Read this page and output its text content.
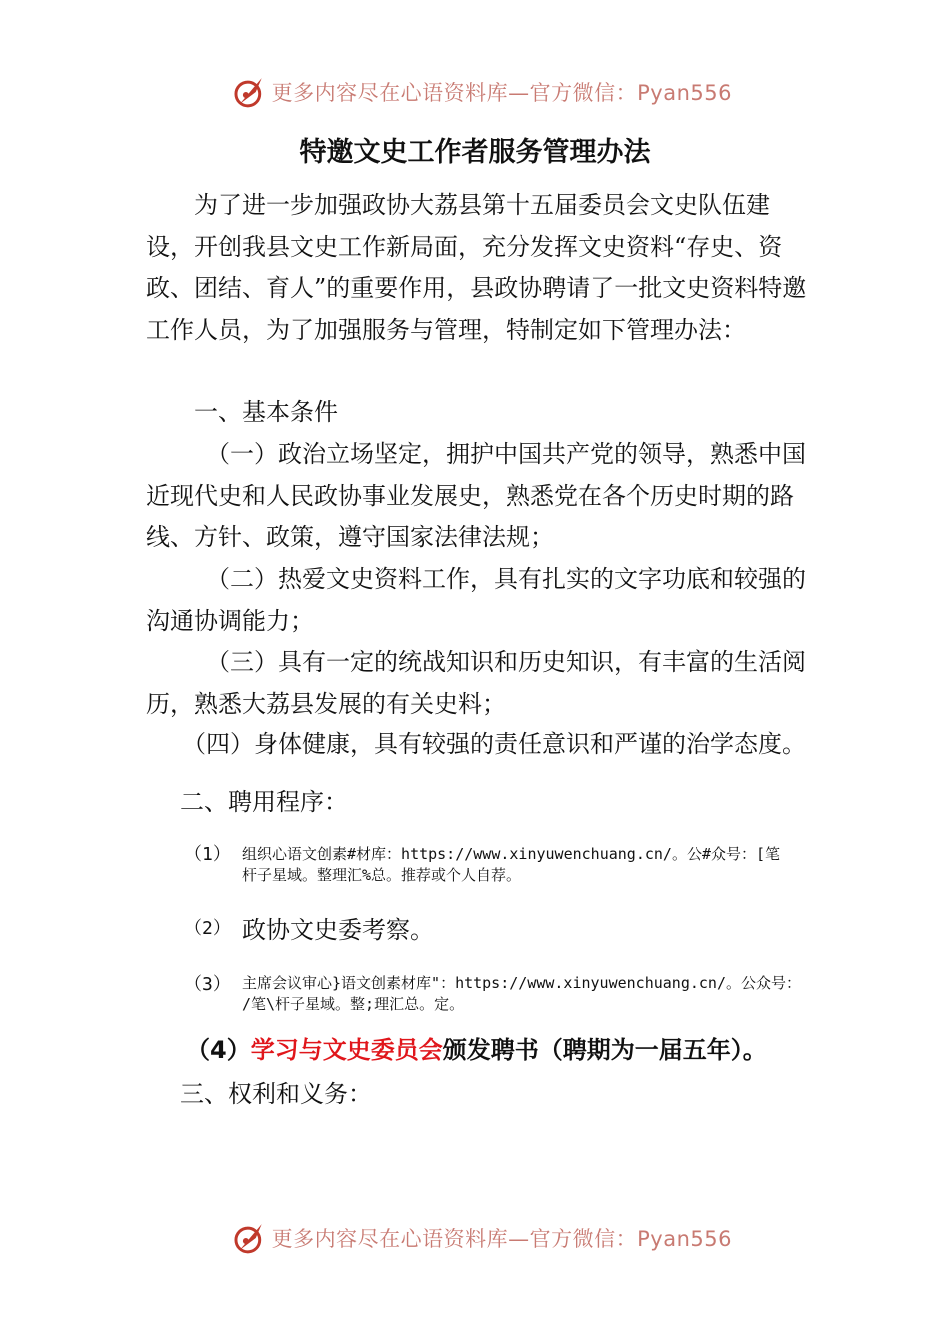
更多内容尽在心语资料库—官方微信：Pyan556
特邀文史工作者服务管理办法
为了进一步加强政协大荔县第十五届委员会文史队伍建设，开创我县文史工作新局面，充分发挥文史资料“存史、资政、团结、育人”的重要作用，县政协聘请了一批文史资料特邀工作人员，为了加强服务与管理，特制定如下管理办法：
一、基本条件
（一）政治立场坚定，拥护中国共产党的领导，熟悉中国近现代史和人民政协事业发展史，熟悉党在各个历史时期的路线、方针、政策，遵守国家法律法规；
（二）热爱文史资料工作，具有扎实的文字功底和较强的沟通协调能力；
（三）具有一定的统战知识和历史知识，有丰富的生活阅历，熟悉大荔县发展的有关史料；
（四）身体健康，具有较强的责任意识和严谨的治学态度。
二、聘用程序：
（1） 组织心语文创素#材库：https://www.xinyuwenchuang.cn/。公#众号：[笔
杆子星域。整理汇%总。推荐或个人自荐。
（2） 政协文史委考察。
（3） 主席会议审心}语文创素材库"：https://www.xinyuwenchuang.cn/。公众号：
/笔\杆子星域。整;理汇总。定。
（4）学习与文史委员会颁发聘书（聘期为一届五年）。
三、权利和义务：
更多内容尽在心语资料库—官方微信：Pyan556
